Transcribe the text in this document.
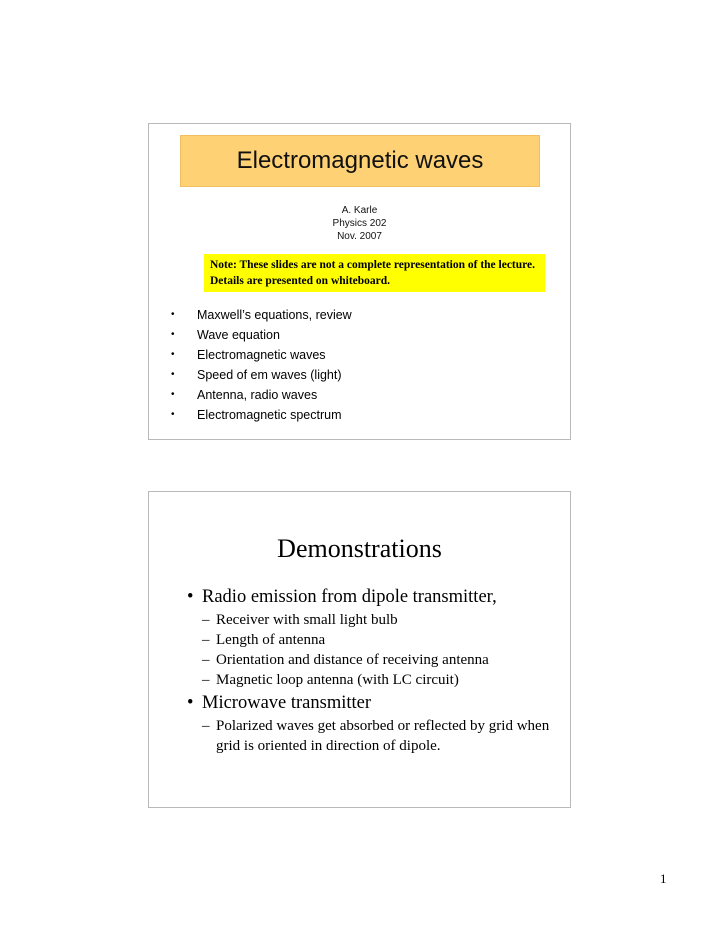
Electromagnetic waves
A. Karle
Physics 202
Nov. 2007
Note: These slides are not a complete representation of the lecture. Details are presented on whiteboard.
•	Maxwell’s equations, review
•	Wave equation
•	Electromagnetic waves
•	Speed of em waves (light)
•	Antenna, radio waves
•	Electromagnetic spectrum
Demonstrations
• Radio emission from dipole transmitter,
– Receiver with small light bulb
– Length of antenna
– Orientation and distance of receiving antenna
– Magnetic loop antenna (with LC circuit)
• Microwave transmitter
– Polarized waves get absorbed or reflected by grid when grid is oriented in direction of dipole.
1
